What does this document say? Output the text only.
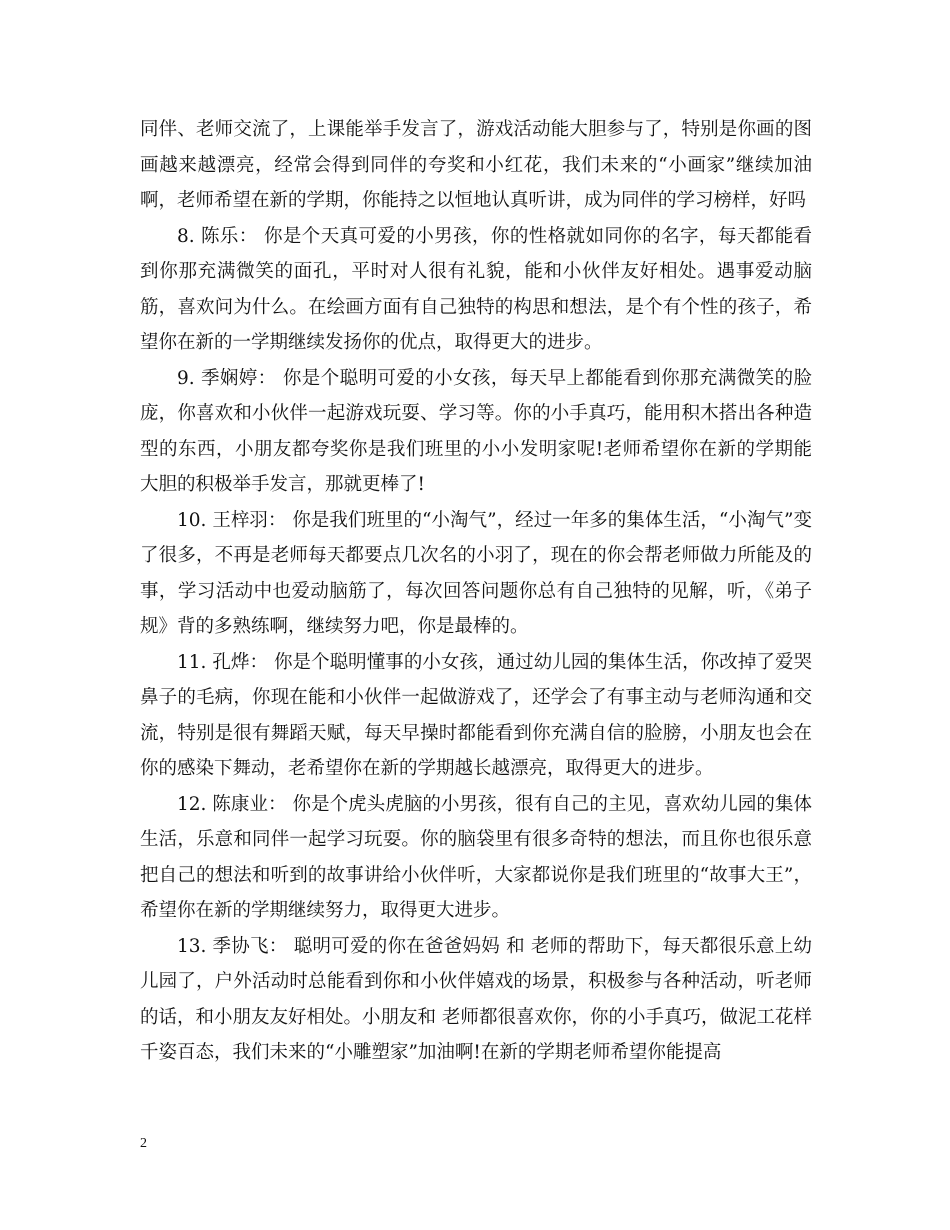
同伴、老师交流了，上课能举手发言了，游戏活动能大胆参与了，特别是你画的图画越来越漂亮，经常会得到同伴的夸奖和小红花，我们未来的“小画家”继续加油啊，老师希望在新的学期，你能持之以恒地认真听讲，成为同伴的学习榜样，好吗

8. 陈乐： 你是个天真可爱的小男孩，你的性格就如同你的名字，每天都能看到你那充满微笑的面孔，平时对人很有礼貌，能和小伙伴友好相处。遇事爱动脑筋，喜欢问为什么。在绘画方面有自己独特的构思和想法，是个有个性的孩子，希望你在新的一学期继续发扬你的优点，取得更大的进步。

9. 季娴婷： 你是个聪明可爱的小女孩，每天早上都能看到你那充满微笑的脸庞，你喜欢和小伙伴一起游戏玩耍、学习等。你的小手真巧，能用积木搭出各种造型的东西，小朋友都夸奖你是我们班里的小小发明家呢!老师希望你在新的学期能大胆的积极举手发言，那就更棒了!

10. 王梓羽： 你是我们班里的“小淘气”，经过一年多的集体生活，“小淘气”变了很多，不再是老师每天都要点几次名的小羽了，现在的你会帮老师做力所能及的事，学习活动中也爱动脑筋了，每次回答问题你总有自己独特的见解，听，《弟子规》背的多熟练啊，继续努力吧，你是最棒的。

11. 孔烨： 你是个聪明懂事的小女孩，通过幼儿园的集体生活，你改掉了爱哭鼻子的毛病，你现在能和小伙伴一起做游戏了，还学会了有事主动与老师沟通和交流，特别是很有舞蹈天赋，每天早操时都能看到你充满自信的脸膀，小朋友也会在你的感染下舞动，老希望你在新的学期越长越漂亮，取得更大的进步。

12. 陈康业： 你是个虎头虎脑的小男孩，很有自己的主见，喜欢幼儿园的集体生活，乐意和同伴一起学习玩耍。你的脑袋里有很多奇特的想法，而且你也很乐意把自己的想法和听到的故事讲给小伙伴听，大家都说你是我们班里的“故事大王”，希望你在新的学期继续努力，取得更大进步。

13. 季协飞： 聪明可爱的你在爸爸妈妈 和 老师的帮助下，每天都很乐意上幼儿园了，户外活动时总能看到你和小伙伴嬉戏的场景，积极参与各种活动，听老师的话，和小朋友友好相处。小朋友和 老师都很喜欢你，你的小手真巧，做泥工花样千姿百态，我们未来的“小雕塑家”加油啊!在新的学期老师希望你能提高

2
